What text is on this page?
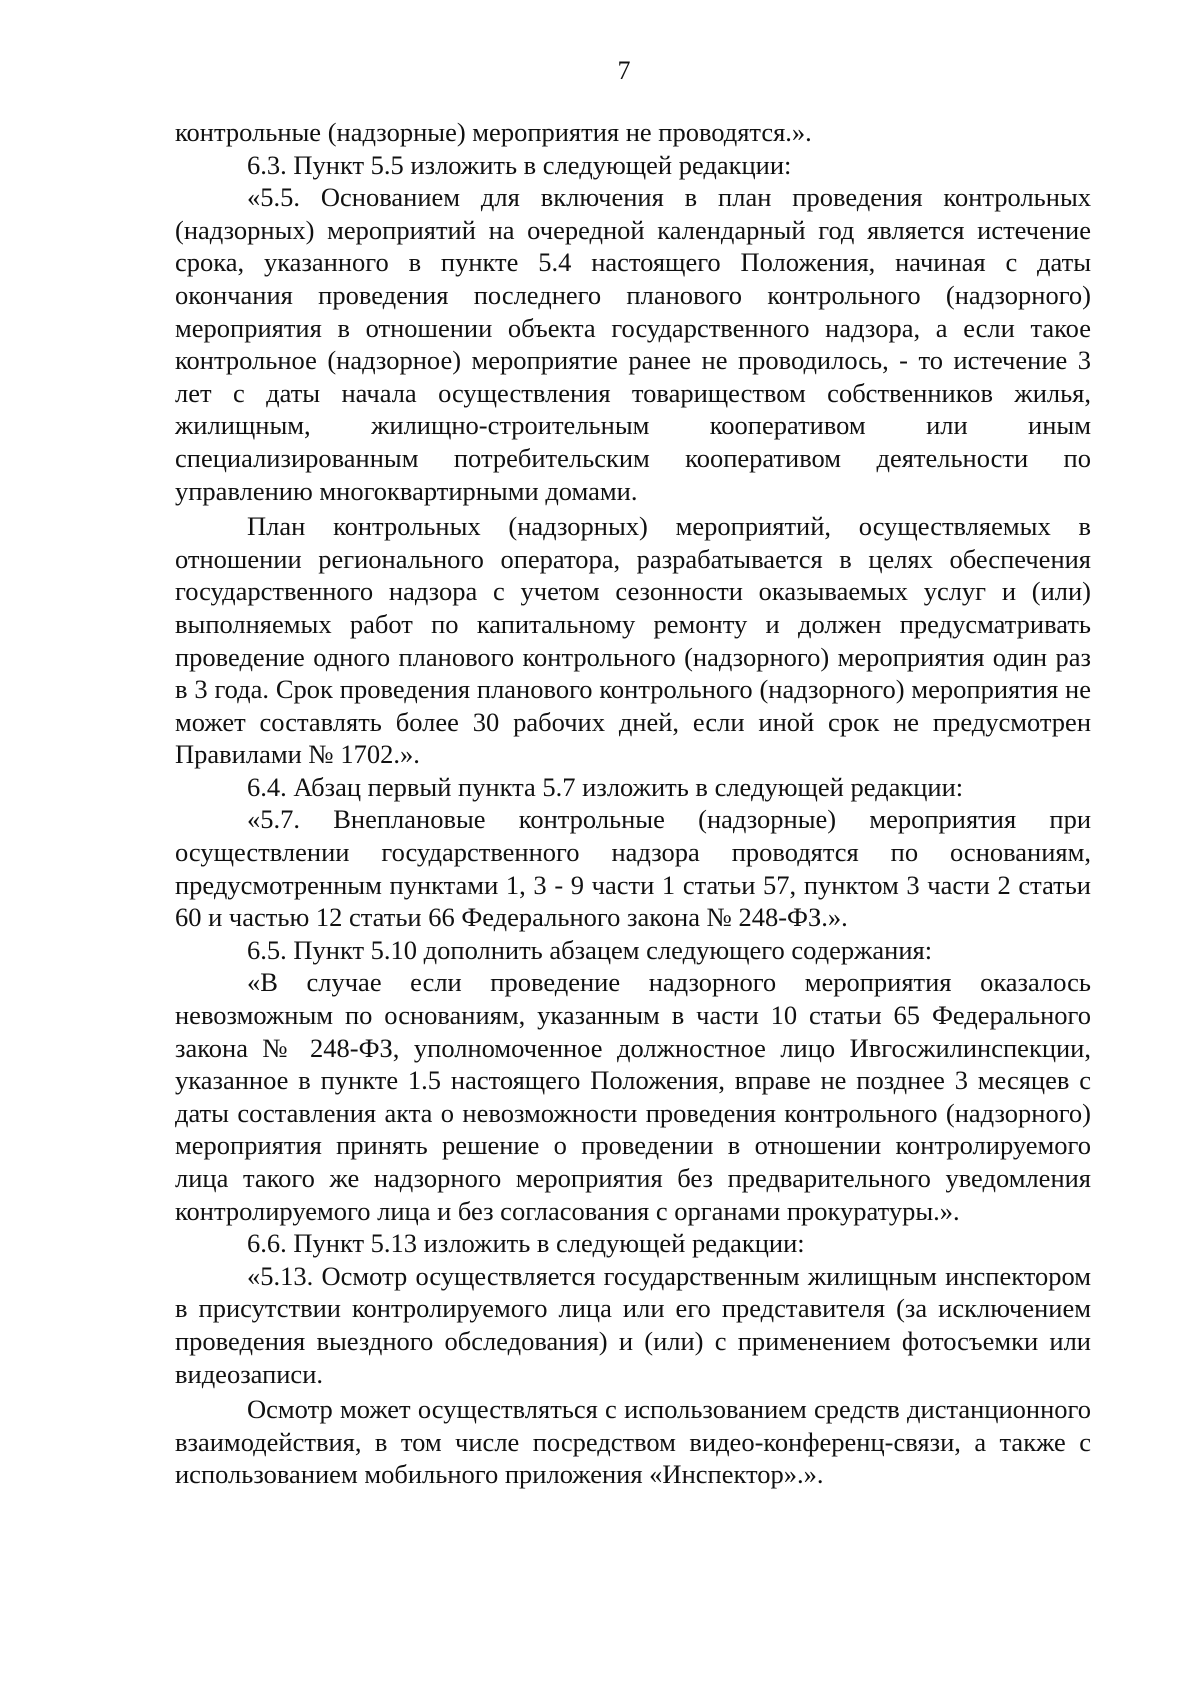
7

контрольные (надзорные) мероприятия не проводятся.».

6.3. Пункт 5.5 изложить в следующей редакции:

«5.5. Основанием для включения в план проведения контрольных (надзорных) мероприятий на очередной календарный год является истечение срока, указанного в пункте 5.4 настоящего Положения, начиная с даты окончания проведения последнего планового контрольного (надзорного) мероприятия в отношении объекта государственного надзора, а если такое контрольное (надзорное) мероприятие ранее не проводилось, - то истечение 3 лет с даты начала осуществления товариществом собственников жилья, жилищным, жилищно-строительным кооперативом или иным специализированным потребительским кооперативом деятельности по управлению многоквартирными домами.

План контрольных (надзорных) мероприятий, осуществляемых в отношении регионального оператора, разрабатывается в целях обеспечения государственного надзора с учетом сезонности оказываемых услуг и (или) выполняемых работ по капитальному ремонту и должен предусматривать проведение одного планового контрольного (надзорного) мероприятия один раз в 3 года. Срок проведения планового контрольного (надзорного) мероприятия не может составлять более 30 рабочих дней, если иной срок не предусмотрен Правилами № 1702.».

6.4. Абзац первый пункта 5.7 изложить в следующей редакции:

«5.7. Внеплановые контрольные (надзорные) мероприятия при осуществлении государственного надзора проводятся по основаниям, предусмотренным пунктами 1, 3 - 9 части 1 статьи 57, пунктом 3 части 2 статьи 60 и частью 12 статьи 66 Федерального закона № 248-ФЗ.».

6.5. Пункт 5.10 дополнить абзацем следующего содержания:

«В случае если проведение надзорного мероприятия оказалось невозможным по основаниям, указанным в части 10 статьи 65 Федерального закона № 248-ФЗ, уполномоченное должностное лицо Ивгосжилинспекции, указанное в пункте 1.5 настоящего Положения, вправе не позднее 3 месяцев с даты составления акта о невозможности проведения контрольного (надзорного) мероприятия принять решение о проведении в отношении контролируемого лица такого же надзорного мероприятия без предварительного уведомления контролируемого лица и без согласования с органами прокуратуры.».

6.6. Пункт 5.13 изложить в следующей редакции:

«5.13. Осмотр осуществляется государственным жилищным инспектором в присутствии контролируемого лица или его представителя (за исключением проведения выездного обследования) и (или) с применением фотосъемки или видеозаписи.

Осмотр может осуществляться с использованием средств дистанционного взаимодействия, в том числе посредством видео-конференц-связи, а также с использованием мобильного приложения «Инспектор».».
